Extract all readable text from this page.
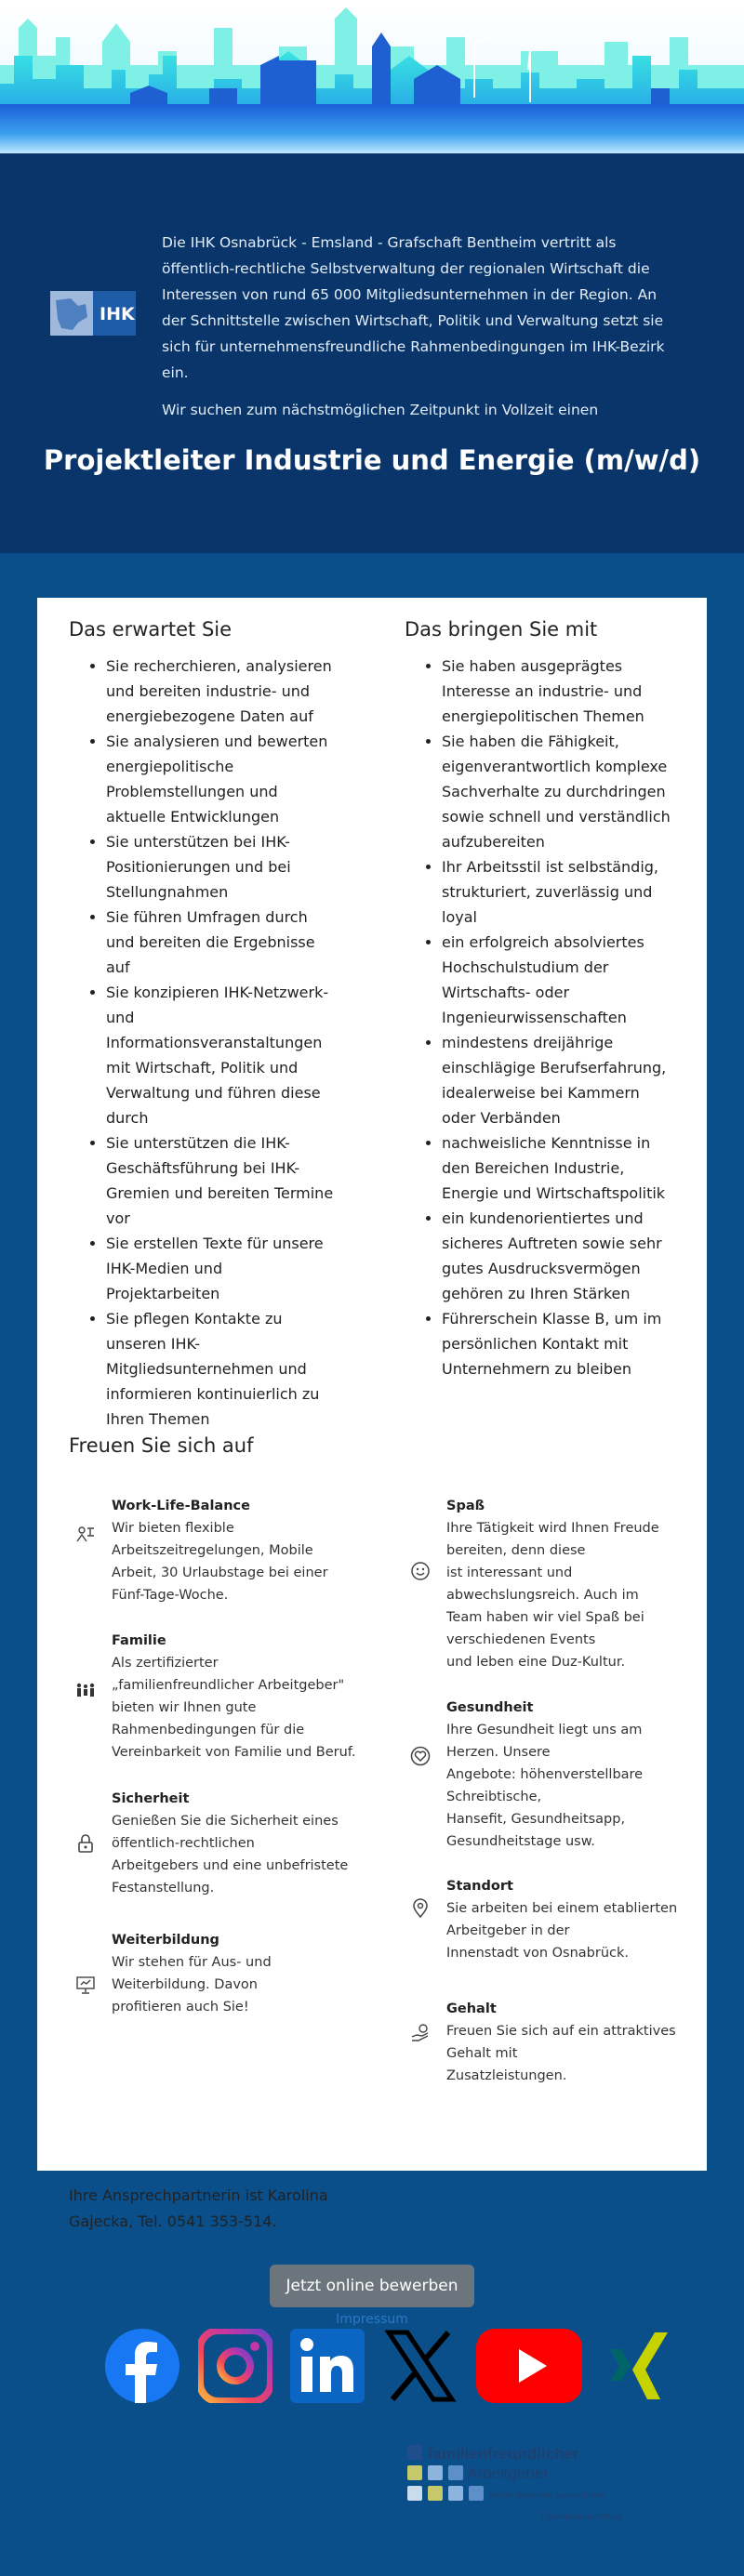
IHK

Die IHK Osnabrück - Emsland - Grafschaft Bentheim vertritt als öffentlich-rechtliche Selbstverwaltung der regionalen Wirtschaft die Interessen von rund 65 000 Mitgliedsunternehmen in der Region. An der Schnittstelle zwischen Wirtschaft, Politik und Verwaltung setzt sie sich für unternehmensfreundliche Rahmenbedingungen im IHK-Bezirk ein.

Wir suchen zum nächstmöglichen Zeitpunkt in Vollzeit einen

Projektleiter Industrie und Energie (m/w/d)
Das erwartet Sie
• Sie recherchieren, analysieren und bereiten industrie- und energiebezogene Daten auf
• Sie analysieren und bewerten energiepolitische Problemstellungen und aktuelle Entwicklungen
• Sie unterstützen bei IHK-Positionierungen und bei Stellungnahmen
• Sie führen Umfragen durch und bereiten die Ergebnisse auf
• Sie konzipieren IHK-Netzwerk- und Informationsveranstaltungen mit Wirtschaft, Politik und Verwaltung und führen diese durch
• Sie unterstützen die IHK-Geschäftsführung bei IHK-Gremien und bereiten Termine vor
• Sie erstellen Texte für unsere IHK-Medien und Projektarbeiten
• Sie pflegen Kontakte zu unseren IHK-Mitgliedsunternehmen und informieren kontinuierlich zu Ihren Themen
Das bringen Sie mit
• Sie haben ausgeprägtes Interesse an industrie- und energiepolitischen Themen
• Sie haben die Fähigkeit, eigenverantwortlich komplexe Sachverhalte zu durchdringen sowie schnell und verständlich aufzubereiten
• Ihr Arbeitsstil ist selbständig, strukturiert, zuverlässig und loyal
• ein erfolgreich absolviertes Hochschulstudium der Wirtschafts- oder Ingenieurwissenschaften
• mindestens dreijährige einschlägige Berufserfahrung, idealerweise bei Kammern oder Verbänden
• nachweisliche Kenntnisse in den Bereichen Industrie, Energie und Wirtschaftspolitik
• ein kundenorientiertes und sicheres Auftreten sowie sehr gutes Ausdrucksvermögen gehören zu Ihren Stärken
• Führerschein Klasse B, um im persönlichen Kontakt mit Unternehmern zu bleiben
Freuen Sie sich auf
Work-Life-Balance

Wir bieten flexible
Arbeitszeitregelungen, Mobile
Arbeit, 30 Urlaubstage bei einer
Fünf-Tage-Woche.

Familie

Als zertifizierter
„familienfreundlicher Arbeitgeber"
bieten wir Ihnen gute
Rahmenbedingungen für die
Vereinbarkeit von Familie und Beruf.

Sicherheit

Genießen Sie die Sicherheit eines
öffentlich-rechtlichen
Arbeitgebers und eine unbefristete
Festanstellung.

Weiterbildung

Wir stehen für Aus- und
Weiterbildung. Davon
profitieren auch Sie!

Spaß

Ihre Tätigkeit wird Ihnen Freude
bereiten, denn diese
ist interessant und
abwechslungsreich. Auch im
Team haben wir viel Spaß bei
verschiedenen Events
und leben eine Duz-Kultur.

Gesundheit

Ihre Gesundheit liegt uns am
Herzen. Unsere
Angebote: höhenverstellbare
Schreibtische,
Hansefit, Gesundheitsapp,
Gesundheitstage usw.

Standort

Sie arbeiten bei einem etablierten
Arbeitgeber in der
Innenstadt von Osnabrück.

Gehalt

Freuen Sie sich auf ein attraktives
Gehalt mit
Zusatzleistungen.

Ihre Ansprechpartnerin ist Karolina Gajecka, Tel. 0541 353-514.

Jetzt online bewerben
Impressum
familienfreundlicher
Arbeitgeber
prüfen.bewerten.auszeichnen
BertelsmannStiftung
